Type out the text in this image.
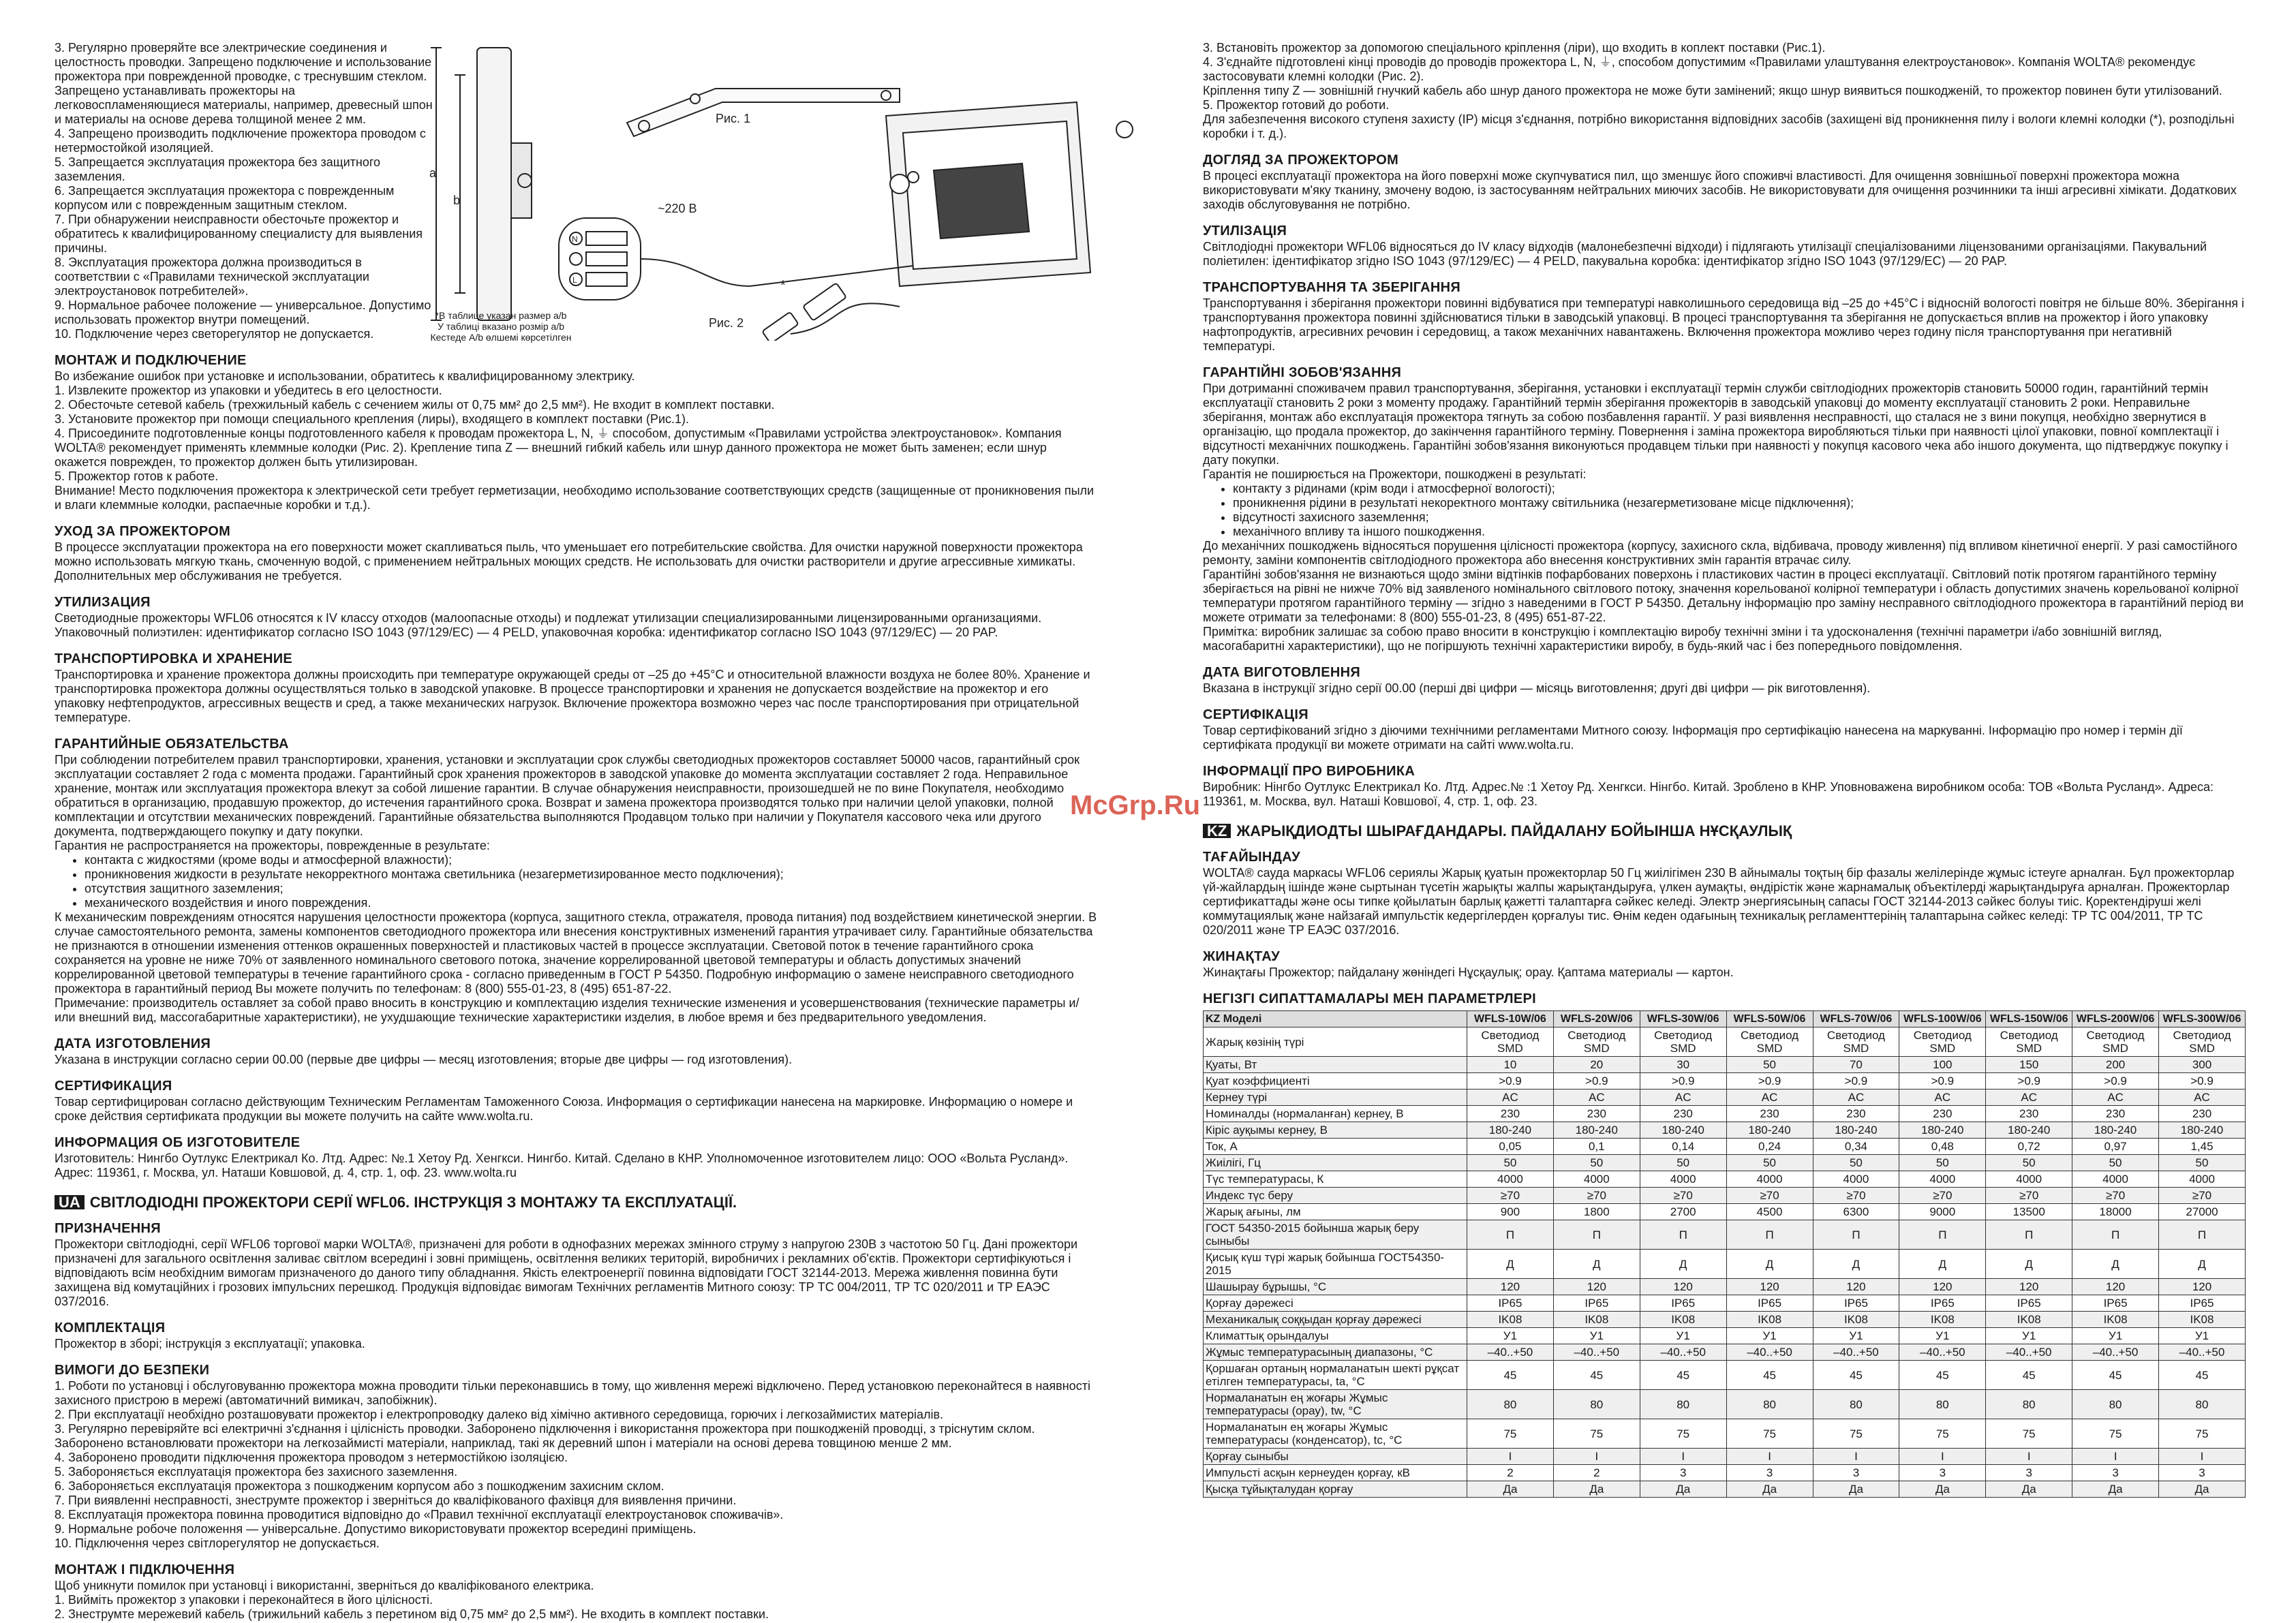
3. Регулярно проверяйте все электрические соединения и целостность проводки. Запрещено подключение и использование прожектора при поврежденной проводке, с треснувшим стеклом. Запрещено устанавливать прожекторы на легковоспламеняющиеся материалы, например, древесный шпон и материалы на основе дерева толщиной менее 2 мм.

4. Запрещено производить подключение прожектора проводом с нетермостойкой изоляцией.

5. Запрещается эксплуатация прожектора без защитного заземления.

6. Запрещается эксплуатация прожектора с поврежденным корпусом или с поврежденным защитным стеклом.

7. При обнаружении неисправности обесточьте прожектор и обратитесь к квалифицированному специалисту для выявления причины.

8. Эксплуатация прожектора должна производиться в соответствии с «Правилами технической эксплуатации электроустановок потребителей».

9. Нормальное рабочее положение — универсальное. Допустимо использовать прожектор внутри помещений.

10. Подключение через светорегулятор не допускается.

МОНТАЖ И ПОДКЛЮЧЕНИЕ

Во избежание ошибок при установке и использовании, обратитесь к квалифицированному электрику.

1. Извлеките прожектор из упаковки и убедитесь в его целостности.

2. Обесточьте сетевой кабель (трехжильный кабель с сечением жилы от 0,75 мм² до 2,5 мм²). Не входит в комплект поставки.

3. Установите прожектор при помощи специального крепления (лиры), входящего в комплект поставки (Рис.1).

4. Присоедините подготовленные концы подготовленного кабеля к проводам прожектора L, N, ⏚ способом, допустимым «Правилами устройства электроустановок». Компания WOLTA® рекомендует применять клеммные колодки (Рис. 2). Крепление типа Z — внешний гибкий кабель или шнур данного прожектора не может быть заменен; если шнур окажется поврежден, то прожектор должен быть утилизирован.

5. Прожектор готов к работе.

Внимание! Место подключения прожектора к электрической сети требует герметизации, необходимо использование соответствующих средств (защищенные от проникновения пыли и влаги клеммные колодки, распаечные коробки и т.д.).

УХОД ЗА ПРОЖЕКТОРОМ

В процессе эксплуатации прожектора на его поверхности может скапливаться пыль, что уменьшает его потребительские свойства. Для очистки наружной поверхности прожектора можно использовать мягкую ткань, смоченную водой, с применением нейтральных моющих средств. Не использовать для очистки растворители и другие агрессивные химикаты. Дополнительных мер обслуживания не требуется.

УТИЛИЗАЦИЯ

Светодиодные прожекторы WFL06 относятся к IV классу отходов (малоопасные отходы) и подлежат утилизации специализированными лицензированными организациями. Упаковочный полиэтилен: идентификатор согласно ISO 1043 (97/129/EC) — 4 PELD, упаковочная коробка: идентификатор согласно ISO 1043 (97/129/EC) — 20 PAP.

ТРАНСПОРТИРОВКА И ХРАНЕНИЕ

Транспортировка и хранение прожектора должны происходить при температуре окружающей среды от –25 до +45°С и относительной влажности воздуха не более 80%. Хранение и транспортировка прожектора должны осуществляться только в заводской упаковке. В процессе транспортировки и хранения не допускается воздействие на прожектор и его упаковку нефтепродуктов, агрессивных веществ и сред, а также механических нагрузок. Включение прожектора возможно через час после транспортирования при отрицательной температуре.

ГАРАНТИЙНЫЕ ОБЯЗАТЕЛЬСТВА

При соблюдении потребителем правил транспортировки, хранения, установки и эксплуатации срок службы светодиодных прожекторов составляет 50000 часов, гарантийный срок эксплуатации составляет 2 года с момента продажи. Гарантийный срок хранения прожекторов в заводской упаковке до момента эксплуатации составляет 2 года. Неправильное хранение, монтаж или эксплуатация прожектора влекут за собой лишение гарантии. В случае обнаружения неисправности, произошедшей не по вине Покупателя, необходимо обратиться в организацию, продавшую прожектор, до истечения гарантийного срока. Возврат и замена прожектора производятся только при наличии целой упаковки, полной комплектации и отсутствии механических повреждений. Гарантийные обязательства выполняются Продавцом только при наличии у Покупателя кассового чека или другого документа, подтверждающего покупку и дату покупки.

Гарантия не распространяется на прожекторы, поврежденные в результате:

• контакта с жидкостями (кроме воды и атмосферной влажности);
• проникновения жидкости в результате некорректного монтажа светильника (незагерметизированное место подключения);
• отсутствия защитного заземления;
• механического воздействия и иного повреждения.

К механическим повреждениям относятся нарушения целостности прожектора (корпуса, защитного стекла, отражателя, провода питания) под воздействием кинетической энергии. В случае самостоятельного ремонта, замены компонентов светодиодного прожектора или внесения конструктивных изменений гарантия утрачивает силу. Гарантийные обязательства не признаются в отношении изменения оттенков окрашенных поверхностей и пластиковых частей в процессе эксплуатации. Световой поток в течение гарантийного срока сохраняется на уровне не ниже 70% от заявленного номинального светового потока, значение коррелированной цветовой температуры и область допустимых значений коррелированной цветовой температуры в течение гарантийного срока - согласно приведенным в ГОСТ Р 54350. Подробную информацию о замене неисправного светодиодного прожектора в гарантийный период Вы можете получить по телефонам: 8 (800) 555-01-23, 8 (495) 651-87-22.

Примечание: производитель оставляет за собой право вносить в конструкцию и комплектацию изделия технические изменения и усовершенствования (технические параметры и/или внешний вид, массогабаритные характеристики), не ухудшающие технические характеристики изделия, в любое время и без предварительного уведомления.

ДАТА ИЗГОТОВЛЕНИЯ

Указана в инструкции согласно серии 00.00 (первые две цифры — месяц изготовления; вторые две цифры — год изготовления).

СЕРТИФИКАЦИЯ

Товар сертифицирован согласно действующим Техническим Регламентам Таможенного Союза. Информация о сертификации нанесена на маркировке. Информацию о номере и сроке действия сертификата продукции вы можете получить на сайте www.wolta.ru.

ИНФОРМАЦИЯ ОБ ИЗГОТОВИТЕЛЕ

Изготовитель: Нингбо Оутлукс Електрикал Ко. Лтд. Адрес: №.1 Хетоу Рд. Хенгкси. Нингбо. Китай. Сделано в КНР. Уполномоченное изготовителем лицо: ООО «Вольта Русланд». Адрес: 119361, г. Москва, ул. Наташи Ковшовой, д. 4, стр. 1, оф. 23. www.wolta.ru

UA СВІТЛОДІОДНІ ПРОЖЕКТОРИ СЕРІЇ WFL06. ІНСТРУКЦІЯ З МОНТАЖУ ТА ЕКСПЛУАТАЦІЇ.
ПРИЗНАЧЕННЯ

Прожектори світлодіодні, серії WFL06 торгової марки WOLTA®, призначені для роботи в однофазних мережах змінного струму з напругою 230В з частотою 50 Гц. Дані прожектори призначені для загального освітлення заливає світлом всередині і зовні приміщень, освітлення великих територій, виробничих і рекламних об'єктів. Прожектори сертифікуються і відповідають всім необхідним вимогам призначеного до даного типу обладнання. Якість електроенергії повинна відповідати ГОСТ 32144-2013. Мережа живлення повинна бути захищена від комутаційних і грозових імпульсних перешкод. Продукція відповідає вимогам Технічних регламентів Митного союзу: ТР ТС 004/2011, ТР ТС 020/2011 и ТР ЕАЭС 037/2016.

КОМПЛЕКТАЦІЯ

Прожектор в зборі; інструкція з експлуатації; упаковка.

ВИМОГИ ДО БЕЗПЕКИ

1. Роботи по установці і обслуговуванню прожектора можна проводити тільки переконавшись в тому, що живлення мережі відключено. Перед установкою переконайтеся в наявності захисного пристрою в мережі (автоматичний вимикач, запобіжник).

2. При експлуатації необхідно розташовувати прожектор і електропроводку далеко від хімічно активного середовища, горючих і легкозаймистих матеріалів.

3. Регулярно перевіряйте всі електричні з'єднання і цілісність проводки. Заборонено підключення і використання прожектора при пошкодженій проводці, з тріснутим склом. Заборонено встановлювати прожектори на легкозаймисті матеріали, наприклад, такі як деревний шпон і матеріали на основі дерева товщиною менше 2 мм.

4. Заборонено проводити підключення прожектора проводом з нетермостійкою ізоляцією.

5. Забороняється експлуатація прожектора без захисного заземлення.

6. Забороняється експлуатація прожектора з пошкодженим корпусом або з пошкодженим захисним склом.

7. При виявленні несправності, знеструмте прожектор і зверніться до кваліфікованого фахівця для виявлення причини.

8. Експлуатація прожектора повинна проводитися відповідно до «Правил технічної експлуатації електроустановок споживачів».

9. Нормальне робоче положення — універсальне. Допустимо використовувати прожектор всередині приміщень.

10. Підключення через світлорегулятор не допускається.

МОНТАЖ І ПІДКЛЮЧЕННЯ

Щоб уникнути помилок при установці і використанні, зверніться до кваліфікованого електрика.

1. Вийміть прожектор з упаковки і переконайтеся в його цілісності.

2. Знеструмте мережевий кабель (трижильний кабель з перетином від 0,75 мм² до 2,5 мм²). Не входить в комплект поставки.

a
b
Рис. 1
N
L
~220 В
Рис. 2
*
*В таблице указан размер a/b
У таблиці вказано розмір a/b
Кестеде A/b өлшемі көрсетілген

3. Встановіть прожектор за допомогою спеціального кріплення (ліри), що входить в коплект поставки (Рис.1).

4. З'єднайте підготовлені кінці проводів до проводів прожектора L, N, ⏚, способом допустимим «Правилами улаштування електроустановок». Компанія WOLTA® рекомендує застосовувати клемні колодки (Рис. 2).

Кріплення типу Z — зовнішній гнучкий кабель або шнур даного прожектора не може бути замінений; якщо шнур виявиться пошкодженій, то прожектор повинен бути утилізований.

5. Прожектор готовий до роботи.

Для забезпечення високого ступеня захисту (IP) місця з'єднання, потрібно використання відповідних засобів (захищені від проникнення пилу і вологи клемні колодки (*), розподільні коробки і т. д.).

ДОГЛЯД ЗА ПРОЖЕКТОРОМ

В процесі експлуатації прожектора на його поверхні може скупчуватися пил, що зменшує його споживчі властивості. Для очищення зовнішньої поверхні прожектора можна використовувати м'яку тканину, змочену водою, із застосуванням нейтральних миючих засобів. Не використовувати для очищення розчинники та інші агресивні хімікати. Додаткових заходів обслуговування не потрібно.

УТИЛІЗАЦІЯ

Світлодіодні прожектори WFL06 відносяться до IV класу відходів (малонебезпечні відходи) і підлягають утилізації спеціалізованими ліцензованими організаціями. Пакувальний поліетилен: ідентифікатор згідно ISO 1043 (97/129/EC) — 4 PELD, пакувальна коробка: ідентифікатор згідно ISO 1043 (97/129/EC) — 20 PAP.

ТРАНСПОРТУВАННЯ ТА ЗБЕРІГАННЯ

Транспортування і зберігання прожектори повинні відбуватися при температурі навколишнього середовища від –25 до +45°С і відносній вологості повітря не більше 80%. Зберігання і транспортування прожектора повинні здійснюватися тільки в заводській упаковці. В процесі транспортування та зберігання не допускається вплив на прожектор і його упаковку нафтопродуктів, агресивних речовин і середовищ, а також механічних навантажень. Включення прожектора можливо через годину після транспортування при негативній температурі.

ГАРАНТІЙНІ ЗОБОВ'ЯЗАННЯ

При дотриманні споживачем правил транспортування, зберігання, установки і експлуатації термін служби світлодіодних прожекторів становить 50000 годин, гарантійний термін експлуатації становить 2 роки з моменту продажу. Гарантійний термін зберігання прожекторів в заводській упаковці до моменту експлуатації становить 2 роки. Неправильне зберігання, монтаж або експлуатація прожектора тягнуть за собою позбавлення гарантії. У разі виявлення несправності, що сталася не з вини покупця, необхідно звернутися в організацію, що продала прожектор, до закінчення гарантійного терміну. Повернення і заміна прожектора виробляються тільки при наявності цілої упаковки, повної комплектації і відсутності механічних пошкоджень. Гарантійні зобов'язання виконуються продавцем тільки при наявності у покупця касового чека або іншого документа, що підтверджує покупку і дату покупки.

Гарантія не поширюється на Прожектори, пошкоджені в результаті:

• контакту з рідинами (крім води і атмосферної вологості);
• проникнення рідини в результаті некоректного монтажу світильника (незагерметизоване місце підключення);
• відсутності захисного заземлення;
• механічного впливу та іншого пошкодження.

До механічних пошкоджень відносяться порушення цілісності прожектора (корпусу, захисного скла, відбивача, проводу живлення) під впливом кінетичної енергії. У разі самостійного ремонту, заміни компонентів світлодіодного прожектора або внесення конструктивних змін гарантія втрачає силу.

Гарантійні зобов'язання не визнаються щодо зміни відтінків пофарбованих поверхонь і пластикових частин в процесі експлуатації. Світловий потік протягом гарантійного терміну зберігається на рівні не нижче 70% від заявленого номінального світлового потоку, значення корельованої колірної температури і область допустимих значень корельованої колірної температури протягом гарантійного терміну — згідно з наведеними в ГОСТ Р 54350. Детальну інформацію про заміну несправного світлодіодного прожектора в гарантійний період ви можете отримати за телефонами: 8 (800) 555-01-23, 8 (495) 651-87-22.

Примітка: виробник залишає за собою право вносити в конструкцію і комплектацію виробу технічні зміни і та удосконалення (технічні параметри і/або зовнішній вигляд, масогабаритні характеристики), що не погіршують технічні характеристики виробу, в будь-який час і без попереднього повідомлення.

ДАТА ВИГОТОВЛЕННЯ

Вказана в інструкції згідно серії 00.00 (перші дві цифри — місяць виготовлення; другі дві цифри — рік виготовлення).

СЕРТИФІКАЦІЯ

Товар сертифікований згідно з діючими технічними регламентами Митного союзу. Інформація про сертифікацію нанесена на маркуванні. Інформацію про номер і термін дії сертифіката продукції ви можете отримати на сайті www.wolta.ru.

ІНФОРМАЦІЇ ПРО ВИРОБНИКА

Виробник: Нінгбо Оутлукс Електрикал Ко. Лтд. Адрес.№ :1 Хетоу Рд. Хенгкси. Нінгбо. Китай. Зроблено в КНР. Уповноважена виробником особа: ТОВ «Вольта Русланд». Адреса: 119361, м. Москва, вул. Наташі Ковшової, 4, стр. 1, оф. 23.

KZ ЖАРЫҚДИОДТЫ ШЫРАҒДАНДАРЫ. ПАЙДАЛАНУ БОЙЫНША НҰСҚАУЛЫҚ
ТАҒАЙЫНДАУ

WOLTA® сауда маркасы WFL06 сериялы Жарық қуатын прожекторлар 50 Гц жиілігімен 230 В айнымалы тоқтың бір фазалы желілерінде жұмыс істеуге арналған. Бұл прожекторлар үй-жайлардың ішінде және сыртынан түсетін жарықты жалпы жарықтандыруға, үлкен аумақты, өндірістік және жарнамалық объектілерді жарықтандыруға арналған. Прожекторлар сертификаттады және осы типке қойылатын барлық қажетті талаптарға сәйкес келеді. Электр энергиясының сапасы ГОСТ 32144-2013 сәйкес болуы тиіс. Қоректендіруші желі коммутациялық және найзағай импульстік кедергілерден қорғалуы тис. Өнім кеден одағының техникалық регламенттерінің талаптарына сәйкес келеді: ТР ТС 004/2011, ТР ТС 020/2011 және ТР ЕАЭС 037/2016.

ЖИНАҚТАУ

Жинақтағы Прожектор; пайдалану жөніндегі Нұсқаулық; орау. Қаптама материалы — картон.

НЕГІЗГІ СИПАТТАМАЛАРЫ МЕН ПАРАМЕТРЛЕРІ
KZ Моделі	WFLS-10W/06	WFLS-20W/06	WFLS-30W/06	WFLS-50W/06	WFLS-70W/06	WFLS-100W/06	WFLS-150W/06	WFLS-200W/06	WFLS-300W/06
Жарық көзінің түрі	Светодиод SMD	Светодиод SMD	Светодиод SMD	Светодиод SMD	Светодиод SMD	Светодиод SMD	Светодиод SMD	Светодиод SMD	Светодиод SMD
Қуаты, Вт	10	20	30	50	70	100	150	200	300
Қуат коэффициенті	>0.9	>0.9	>0.9	>0.9	>0.9	>0.9	>0.9	>0.9	>0.9
Кернеу түрі	AC	AC	AC	AC	AC	AC	AC	AC	AC
Номиналды (нормаланған) кернеу, В	230	230	230	230	230	230	230	230	230
Кіріс ауқымы кернеу, В	180-240	180-240	180-240	180-240	180-240	180-240	180-240	180-240	180-240
Ток, А	0,05	0,1	0,14	0,24	0,34	0,48	0,72	0,97	1,45
Жиілігі, Гц	50	50	50	50	50	50	50	50	50
Түс температурасы, К	4000	4000	4000	4000	4000	4000	4000	4000	4000
Индекс түс беру	≥70	≥70	≥70	≥70	≥70	≥70	≥70	≥70	≥70
Жарық ағыны, лм	900	1800	2700	4500	6300	9000	13500	18000	27000
ГОСТ 54350-2015 бойынша жарық беру сыныбы	П	П	П	П	П	П	П	П	П
Қисық күш түрі жарық бойынша ГОСТ54350-2015	Д	Д	Д	Д	Д	Д	Д	Д	Д
Шашырау бұрышы, °С	120	120	120	120	120	120	120	120	120
Қорғау дәрежесі	IP65	IP65	IP65	IP65	IP65	IP65	IP65	IP65	IP65
Механикалық соққыдан қорғау дәрежесі	IK08	IK08	IK08	IK08	IK08	IK08	IK08	IK08	IK08
Климаттық орындалуы	У1	У1	У1	У1	У1	У1	У1	У1	У1
Жұмыс температурасының диапазоны, °С	–40..+50	–40..+50	–40..+50	–40..+50	–40..+50	–40..+50	–40..+50	–40..+50	–40..+50
Қоршаған ортаның нормаланатын шекті рұқсат етілген температурасы, ta, °С	45	45	45	45	45	45	45	45	45
Нормаланатын ең жоғары Жұмыс температурасы (орау), tw, °С	80	80	80	80	80	80	80	80	80
Нормаланатын ең жоғары Жұмыс температурасы (конденсатор), tc, °С	75	75	75	75	75	75	75	75	75
Қорғау сыныбы	I	I	I	I	I	I	I	I	I
Импульсті асқын кернеуден қорғау, кВ	2	2	3	3	3	3	3	3	3
Қысқа тұйықталудан қорғау	Да	Да	Да	Да	Да	Да	Да	Да	Да
McGrp.Ru
